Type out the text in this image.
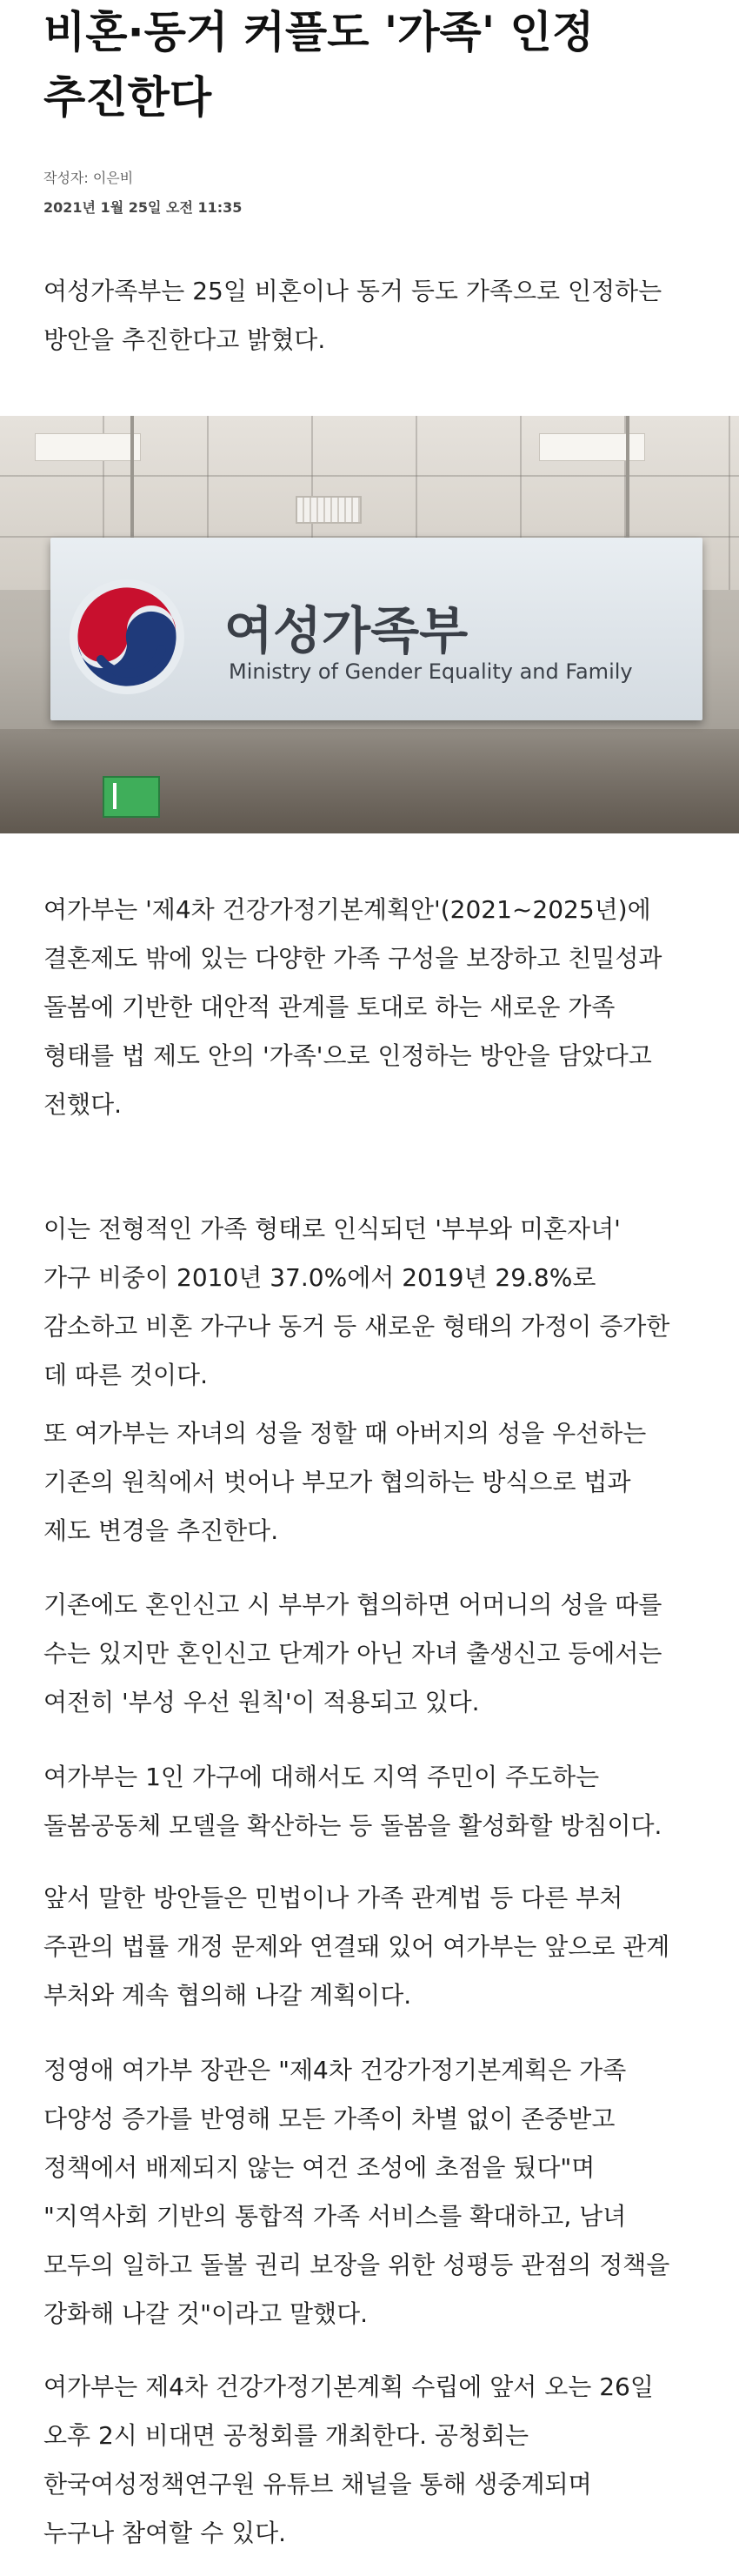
비혼·동거 커플도 '가족' 인정
추진한다
작성자: 이은비
2021년 1월 25일 오전 11:35
여성가족부는 25일 비혼이나 동거 등도 가족으로 인정하는
방안을 추진한다고 밝혔다.
여성가족부
Ministry of Gender Equality and Family
여가부는 '제4차 건강가정기본계획안'(2021~2025년)에
결혼제도 밖에 있는 다양한 가족 구성을 보장하고 친밀성과
돌봄에 기반한 대안적 관계를 토대로 하는 새로운 가족
형태를 법 제도 안의 '가족'으로 인정하는 방안을 담았다고
전했다.
이는 전형적인 가족 형태로 인식되던 '부부와 미혼자녀'
가구 비중이 2010년 37.0%에서 2019년 29.8%로
감소하고 비혼 가구나 동거 등 새로운 형태의 가정이 증가한
데 따른 것이다.
또 여가부는 자녀의 성을 정할 때 아버지의 성을 우선하는
기존의 원칙에서 벗어나 부모가 협의하는 방식으로 법과
제도 변경을 추진한다.
기존에도 혼인신고 시 부부가 협의하면 어머니의 성을 따를
수는 있지만 혼인신고 단계가 아닌 자녀 출생신고 등에서는
여전히 '부성 우선 원칙'이 적용되고 있다.
여가부는 1인 가구에 대해서도 지역 주민이 주도하는
돌봄공동체 모델을 확산하는 등 돌봄을 활성화할 방침이다.
앞서 말한 방안들은 민법이나 가족 관계법 등 다른 부처
주관의 법률 개정 문제와 연결돼 있어 여가부는 앞으로 관계
부처와 계속 협의해 나갈 계획이다.
정영애 여가부 장관은 "제4차 건강가정기본계획은 가족
다양성 증가를 반영해 모든 가족이 차별 없이 존중받고
정책에서 배제되지 않는 여건 조성에 초점을 뒀다"며
"지역사회 기반의 통합적 가족 서비스를 확대하고, 남녀
모두의 일하고 돌볼 권리 보장을 위한 성평등 관점의 정책을
강화해 나갈 것"이라고 말했다.
여가부는 제4차 건강가정기본계획 수립에 앞서 오는 26일
오후 2시 비대면 공청회를 개최한다. 공청회는
한국여성정책연구원 유튜브 채널을 통해 생중계되며
누구나 참여할 수 있다.
